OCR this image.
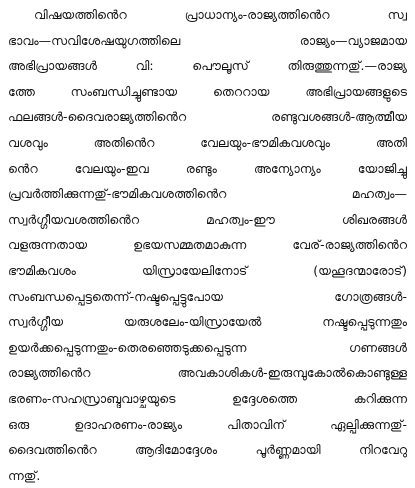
വിഷയത്തിൻെറ പ്രാധാന്യം-രാജ്യത്തിൻെറ സ്വ
ഭാവം—സവിശേഷയുഗത്തിലെ രാജ്യം—വ്യാജമായ
അഭിപ്രായങ്ങൾ വി: പൌലൂസ് തിരുത്തുന്നതു്.—രാജ്യ
ത്തേ സംബന്ധിച്ചുണ്ടായ തെററായ അഭിപ്രായങ്ങളുടെ
ഫലങ്ങൾ-ദൈവരാജ്യത്തിൻെറ രണ്ടുവശങ്ങൾ-ആത്മീയ
വശവും അതിൻെറ വേലയും-ഭൗമികവശവും അതി
ൻെറ വേലയും-ഇവ രണ്ടും അന്യോന്യം യോജിച്ചു
പ്രവർത്തിക്കുന്നതു്-ഭൗമികവശത്തിൻെറ മഹത്വം—
സ്വർഗ്ഗീയവശത്തിൻെറ മഹത്വം-ഈ ശിഖരങ്ങൾ
വളരുന്നതായ ഉഭയസമ്മതമാകുന്ന വേര്-രാജ്യത്തിൻെറ
ഭൗമികവശം യിസ്രായേലിനോട് (യഹൂദന്മാരോട്)
സംബന്ധപ്പെട്ടതെന്ന്-നഷ്ടപ്പെട്ടുപോയ ഗോത്രങ്ങൾ-
സ്വർഗ്ഗീയ യരുശലേം-യിസ്രായേൽ നഷ്ടപ്പെടുന്നതും
ഉയർക്കപ്പെടുന്നതും-തെരഞ്ഞെടുക്കപ്പെടുന്ന ഗണങ്ങൾ
രാജ്യത്തിൻെറ അവകാശികൾ-ഇരുമ്പുകോൽകൊണ്ടുള്ള
ഭരണം-സഹസ്രാബ്ദവാഴ്ചയുടെ ഉദ്ദേശത്തെ കറിക്കുന്ന
ഒരു ഉദാഹരണം-രാജ്യം പിതാവിന് ഏല്പിക്കുന്നതു്-
ദൈവത്തിൻെറ ആദിമോദ്ദേശം പൂർണ്ണമായി നിറവേറു
ന്നതു്.
